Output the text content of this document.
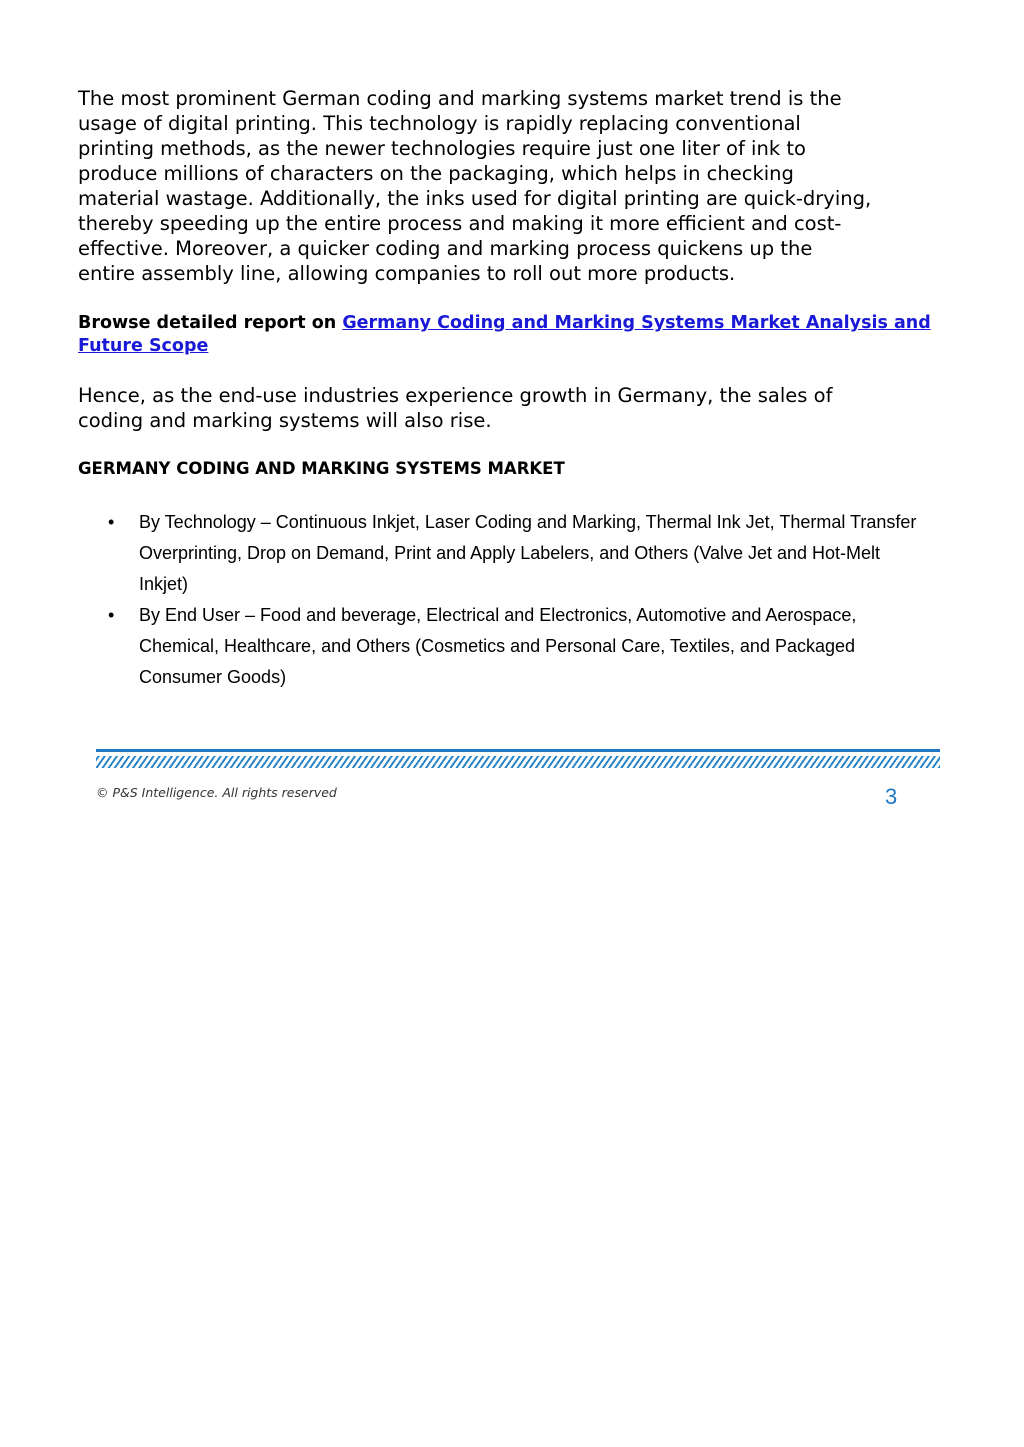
The most prominent German coding and marking systems market trend is the
usage of digital printing. This technology is rapidly replacing conventional
printing methods, as the newer technologies require just one liter of ink to
produce millions of characters on the packaging, which helps in checking
material wastage. Additionally, the inks used for digital printing are quick-drying,
thereby speeding up the entire process and making it more efficient and cost-
effective. Moreover, a quicker coding and marking process quickens up the
entire assembly line, allowing companies to roll out more products.

Browse detailed report on Germany Coding and Marking Systems Market Analysis and Future Scope

Hence, as the end-use industries experience growth in Germany, the sales of
coding and marking systems will also rise.

GERMANY CODING AND MARKING SYSTEMS MARKET
• By Technology – Continuous Inkjet, Laser Coding and Marking, Thermal Ink Jet, Thermal Transfer Overprinting, Drop on Demand, Print and Apply Labelers, and Others (Valve Jet and Hot-Melt Inkjet)
• By End User – Food and beverage, Electrical and Electronics, Automotive and Aerospace, Chemical, Healthcare, and Others (Cosmetics and Personal Care, Textiles, and Packaged Consumer Goods)

© P&S Intelligence. All rights reserved	3
